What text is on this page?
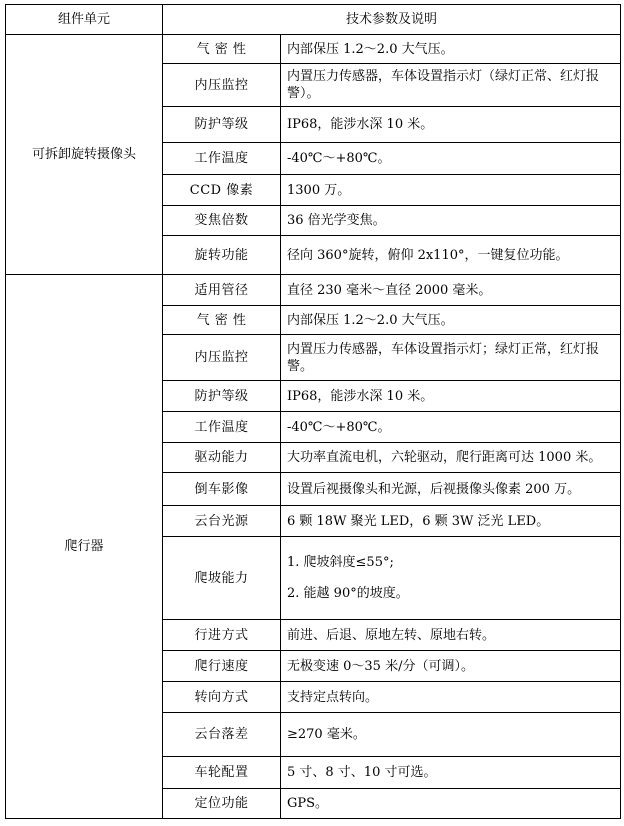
组件单元	技术参数及说明	
可拆卸旋转摄像头	气 密 性	内部保压 1.2～2.0 大气压。
	内压监控	内置压力传感器，车体设置指示灯（绿灯正常、红灯报警）。
	防护等级	IP68，能涉水深 10 米。
	工作温度	-40℃～+80℃。
	CCD 像素	1300 万。
	变焦倍数	36 倍光学变焦。
	旋转功能	径向 360°旋转，俯仰 2x110°，一键复位功能。
爬行器	适用管径	直径 230 毫米～直径 2000 毫米。
	气 密 性	内部保压 1.2～2.0 大气压。
	内压监控	内置压力传感器，车体设置指示灯；绿灯正常，红灯报警。
	防护等级	IP68，能涉水深 10 米。
	工作温度	-40℃～+80℃。
	驱动能力	大功率直流电机，六轮驱动，爬行距离可达 1000 米。
	倒车影像	设置后视摄像头和光源，后视摄像头像素 200 万。
	云台光源	6 颗 18W 聚光 LED，6 颗 3W 泛光 LED。
	爬坡能力	1. 爬坡斜度≤55°;
2. 能越 90°的坡度。

	行进方式	前进、后退、原地左转、原地右转。
	爬行速度	无极变速 0～35 米/分（可调）。
	转向方式	支持定点转向。
	云台落差	≥270 毫米。
	车轮配置	5 寸、8 寸、10 寸可选。
	定位功能	GPS。
